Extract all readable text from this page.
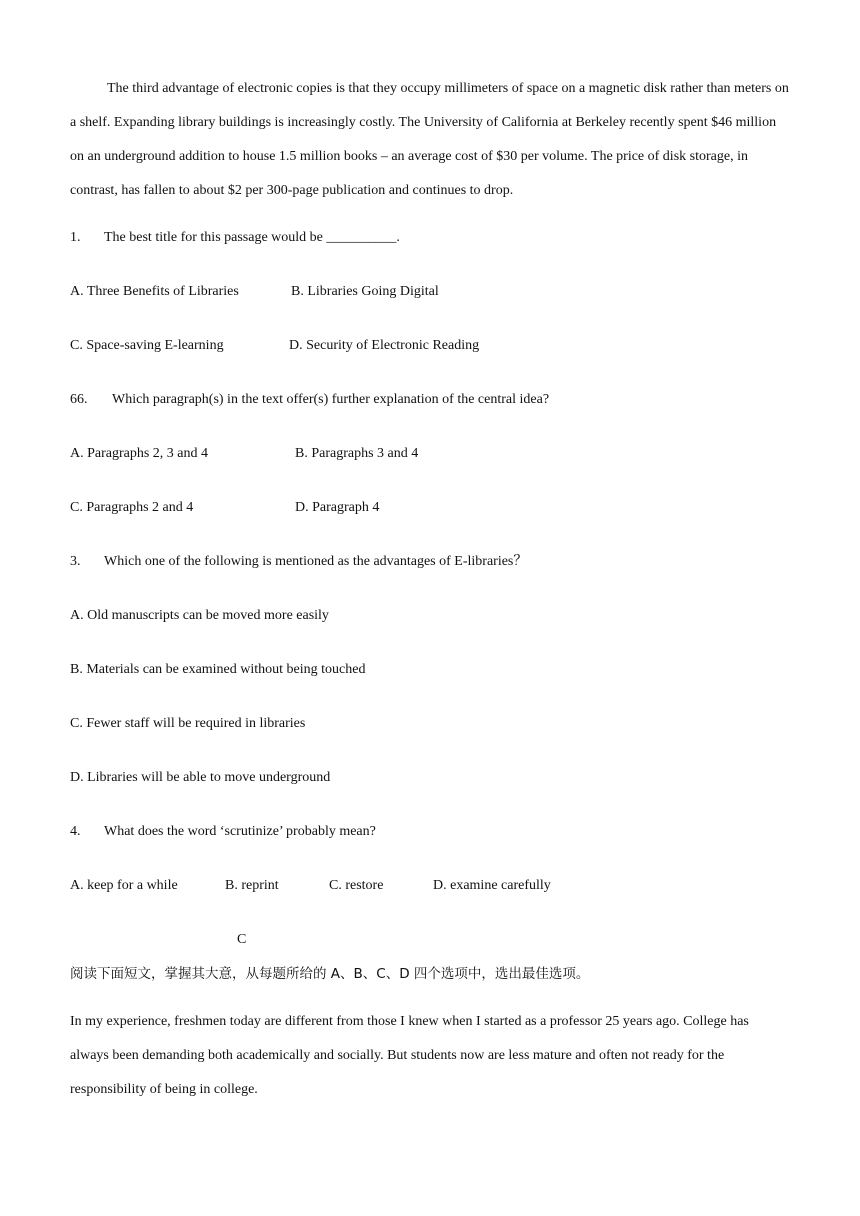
The third advantage of electronic copies is that they occupy millimeters of space on a magnetic disk rather than meters on a shelf. Expanding library buildings is increasingly costly. The University of California at Berkeley recently spent $46 million on an underground addition to house 1.5 million books – an average cost of $30 per volume. The price of disk storage, in contrast, has fallen to about $2 per 300-page publication and continues to drop.

1. The best title for this passage would be __________.

A. Three Benefits of Libraries	B. Libraries Going Digital

C. Space-saving E-learning	D. Security of Electronic Reading

66. Which paragraph(s) in the text offer(s) further explanation of the central idea?

A. Paragraphs 2, 3 and 4	B. Paragraphs 3 and 4

C. Paragraphs 2 and 4	D. Paragraph 4

3. Which one of the following is mentioned as the advantages of E-libraries？

A. Old manuscripts can be moved more easily

B. Materials can be examined without being touched

C. Fewer staff will be required in libraries

D. Libraries will be able to move underground

4. What does the word ‘scrutinize’ probably mean?

A. keep for a while	B. reprint	C. restore	D. examine carefully

C

阅读下面短文，掌握其大意，从每题所给的 A、B、C、D 四个选项中，选出最佳选项。

In my experience, freshmen today are different from those I knew when I started as a professor 25 years ago. College has always been demanding both academically and socially. But students now are less mature and often not ready for the responsibility of being in college.
